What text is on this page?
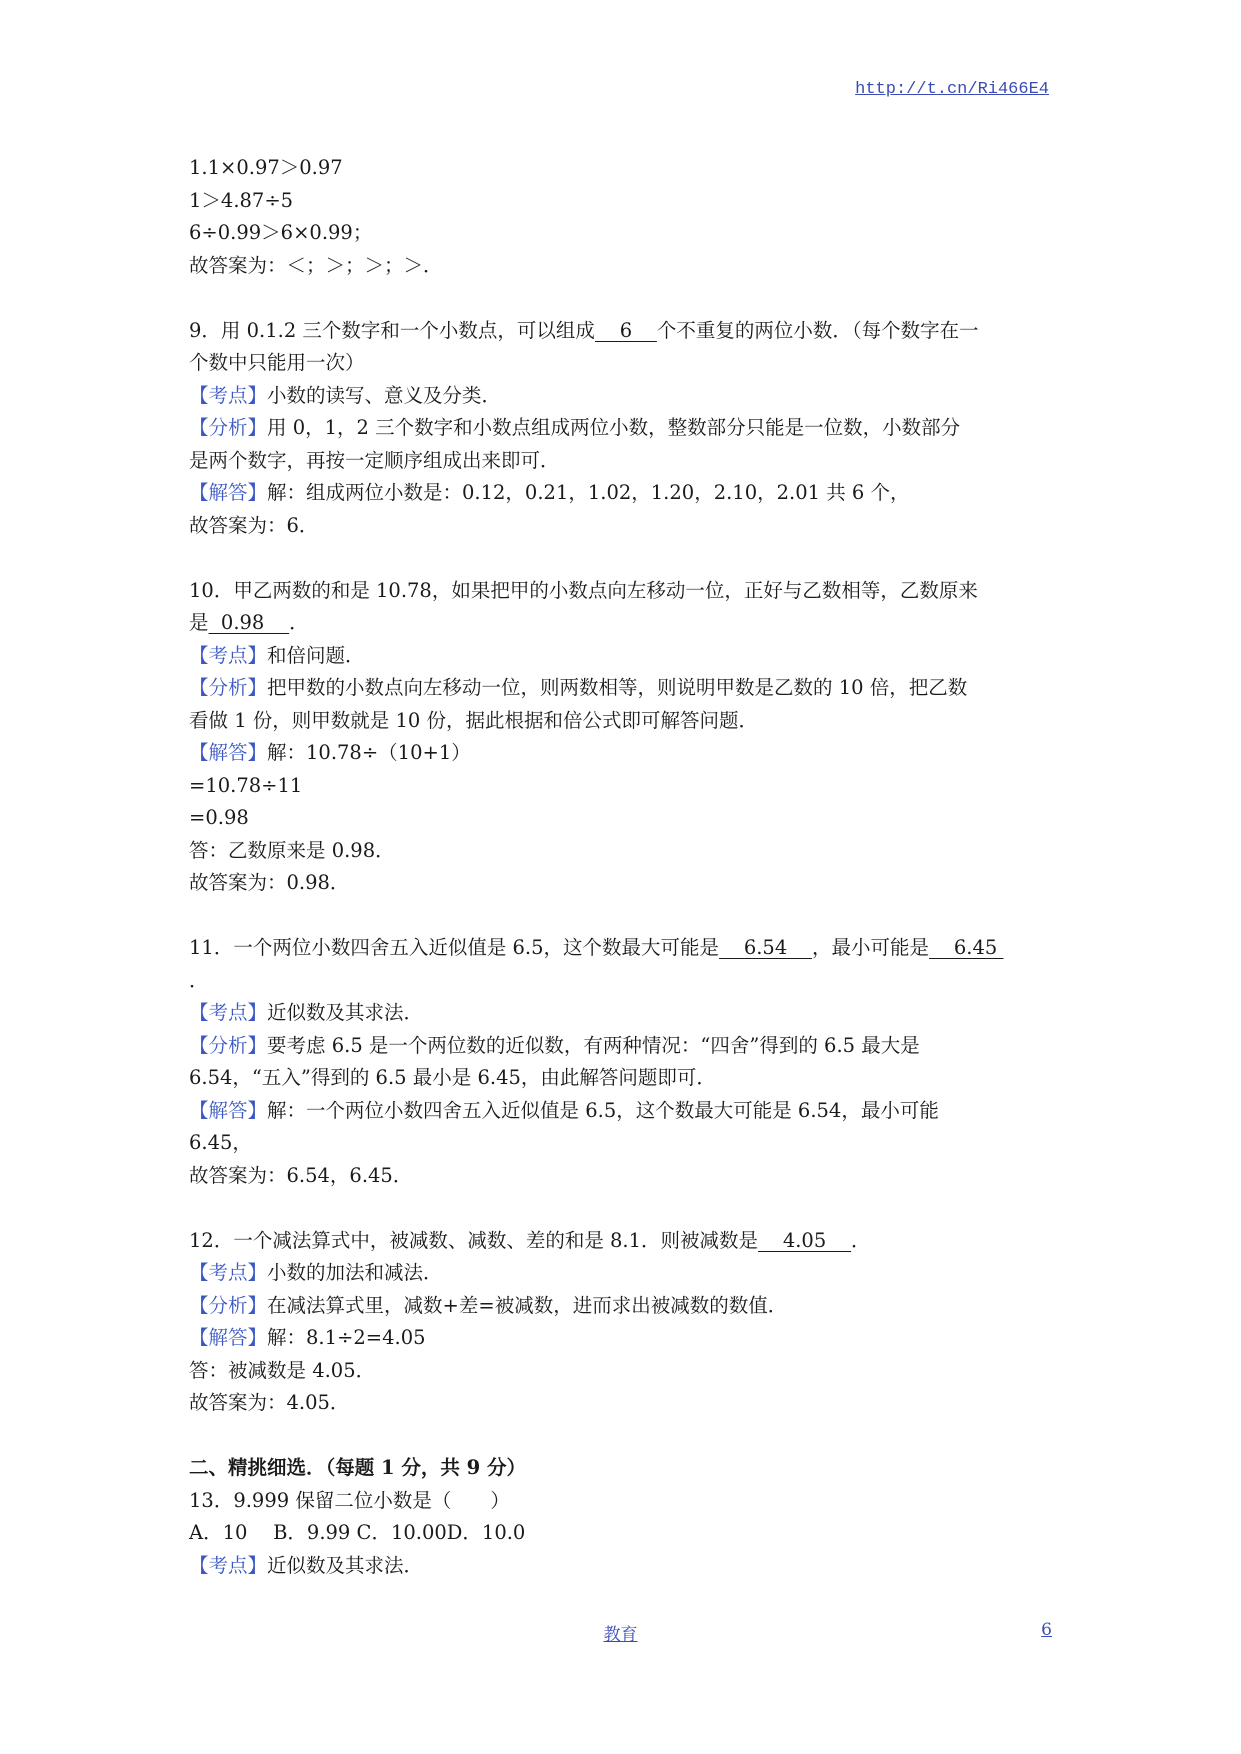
http://t.cn/Ri466E4
1.1×0.97＞0.97
1＞4.87÷5
6÷0.99＞6×0.99；
故答案为：＜；＞；＞；＞．
9．用 0.1.2 三个数字和一个小数点，可以组成    6    个不重复的两位小数．（每个数字在一
个数中只能用一次）
【考点】小数的读写、意义及分类．
【分析】用 0，1，2 三个数字和小数点组成两位小数，整数部分只能是一位数，小数部分
是两个数字，再按一定顺序组成出来即可．
【解答】解：组成两位小数是：0.12，0.21，1.02，1.20，2.10，2.01 共 6 个，
故答案为：6．
10．甲乙两数的和是 10.78，如果把甲的小数点向左移动一位，正好与乙数相等，乙数原来
是  0.98    ．
【考点】和倍问题．
【分析】把甲数的小数点向左移动一位，则两数相等，则说明甲数是乙数的 10 倍，把乙数
看做 1 份，则甲数就是 10 份，据此根据和倍公式即可解答问题．
【解答】解：10.78÷（10+1）
=10.78÷11
=0.98
答：乙数原来是 0.98．
故答案为：0.98．
11．一个两位小数四舍五入近似值是 6.5，这个数最大可能是    6.54    ，最小可能是    6.45
．
【考点】近似数及其求法．
【分析】要考虑 6.5 是一个两位数的近似数，有两种情况：“四舍”得到的 6.5 最大是
6.54，“五入”得到的 6.5 最小是 6.45，由此解答问题即可．
【解答】解：一个两位小数四舍五入近似值是 6.5，这个数最大可能是 6.54，最小可能
6.45，
故答案为：6.54，6.45．
12．一个减法算式中，被减数、减数、差的和是 8.1．则被减数是    4.05    ．
【考点】小数的加法和减法．
【分析】在减法算式里，减数+差=被减数，进而求出被减数的数值．
【解答】解：8.1÷2=4.05
答：被减数是 4.05．
故答案为：4.05．
二、精挑细选．（每题 1 分，共 9 分）
13．9.999 保留二位小数是（　　）
A．10　 B．9.99 C．10.00D．10.0
【考点】近似数及其求法．
教育	6
